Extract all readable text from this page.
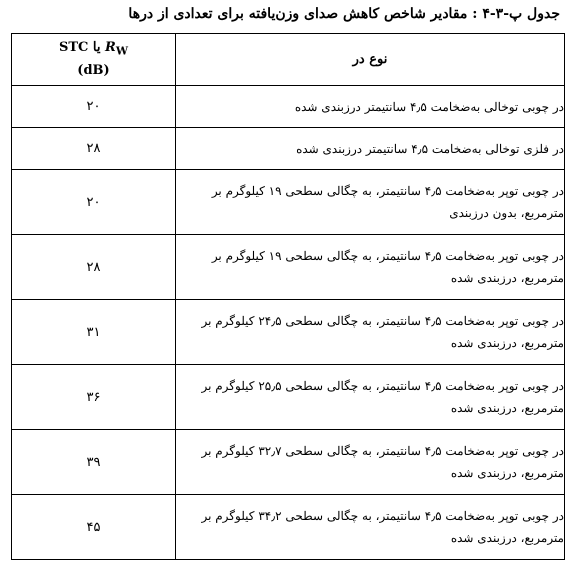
جدول پ-۳-۴ : مقادیر شاخص کاهش صدای وزن‌یافته برای تعدادی از درها
نوع در	$R_W$ یا STC
(dB)

در چوبی توخالی به‌ضخامت ۴٫۵ سانتیمتر درزبندی شده	۲۰

در فلزی توخالی به‌ضخامت ۴٫۵ سانتیمتر درزبندی شده	۲۸

در چوبی توپر به‌ضخامت ۴٫۵ سانتیمتر، به چگالی سطحی ۱۹ کیلوگرم بر مترمربع، بدون درزبندی	۲۰

در چوبی توپر به‌ضخامت ۴٫۵ سانتیمتر، به چگالی سطحی ۱۹ کیلوگرم بر مترمربع، درزبندی شده	۲۸

در چوبی توپر به‌ضخامت ۴٫۵ سانتیمتر، به چگالی سطحی ۲۴٫۵ کیلوگرم بر مترمربع، درزبندی شده	۳۱

در چوبی توپر به‌ضخامت ۴٫۵ سانتیمتر، به چگالی سطحی ۲۵٫۵ کیلوگرم بر مترمربع، درزبندی شده	۳۶

در چوبی توپر به‌ضخامت ۴٫۵ سانتیمتر، به چگالی سطحی ۳۲٫۷ کیلوگرم بر مترمربع، درزبندی شده	۳۹

در چوبی توپر به‌ضخامت ۴٫۵ سانتیمتر، به چگالی سطحی ۳۴٫۲ کیلوگرم بر مترمربع، درزبندی شده	۴۵
